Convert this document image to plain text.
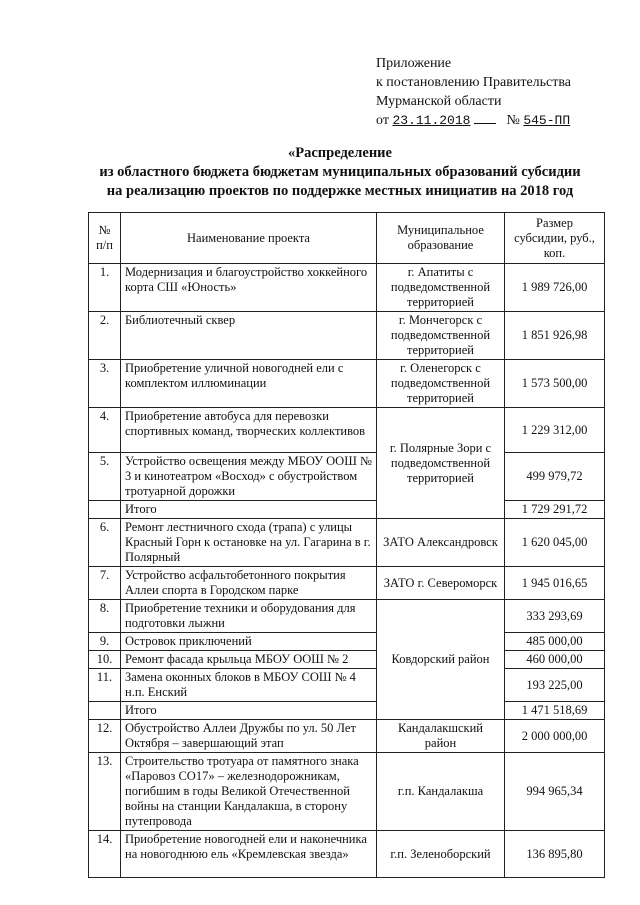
Приложение
к постановлению Правительства
Мурманской области
от 23.11.2018	№ 545-ПП
«Распределение
из областного бюджета бюджетам муниципальных образований субсидии
на реализацию проектов по поддержке местных инициатив на 2018 год
№ п/п	Наименование проекта	Муниципальное образование	Размер субсидии, руб., коп.
1.	Модернизация и благоустройство хоккейного корта СШ «Юность»	г. Апатиты с подведомственной территорией	1 989 726,00
2.	Библиотечный сквер	г. Мончегорск с подведомственной территорией	1 851 926,98
3.	Приобретение уличной новогодней ели с комплектом иллюминации	г. Оленегорск с подведомственной территорией	1 573 500,00
4.	Приобретение автобуса для перевозки спортивных команд, творческих коллективов	г. Полярные Зори с подведомственной территорией	1 229 312,00
5.	Устройство освещения между МБОУ ООШ № 3 и кинотеатром «Восход» с обустройством тротуарной дорожки		499 979,72
	Итого		1 729 291,72
6.	Ремонт лестничного схода (трапа) с улицы Красный Горн к остановке на ул. Гагарина в г. Полярный	ЗАТО Александровск	1 620 045,00
7.	Устройство асфальтобетонного покрытия Аллеи спорта в Городском парке	ЗАТО г. Североморск	1 945 016,65
8.	Приобретение техники и оборудования для подготовки лыжни	Ковдорский район	333 293,69
9.	Островок приключений		485 000,00
10.	Ремонт фасада крыльца МБОУ ООШ № 2		460 000,00
11.	Замена оконных блоков в МБОУ СОШ № 4 н.п. Енский		193 225,00
	Итого		1 471 518,69
12.	Обустройство Аллеи Дружбы по ул. 50 Лет Октября – завершающий этап	Кандалакшский район	2 000 000,00
13.	Строительство тротуара от памятного знака «Паровоз СО17» – железнодорожникам, погибшим в годы Великой Отечественной войны на станции Кандалакша, в сторону путепровода	г.п. Кандалакша	994 965,34
14.	Приобретение новогодней ели и наконечника на новогоднюю ель «Кремлевская звезда»	г.п. Зеленоборский	136 895,80
